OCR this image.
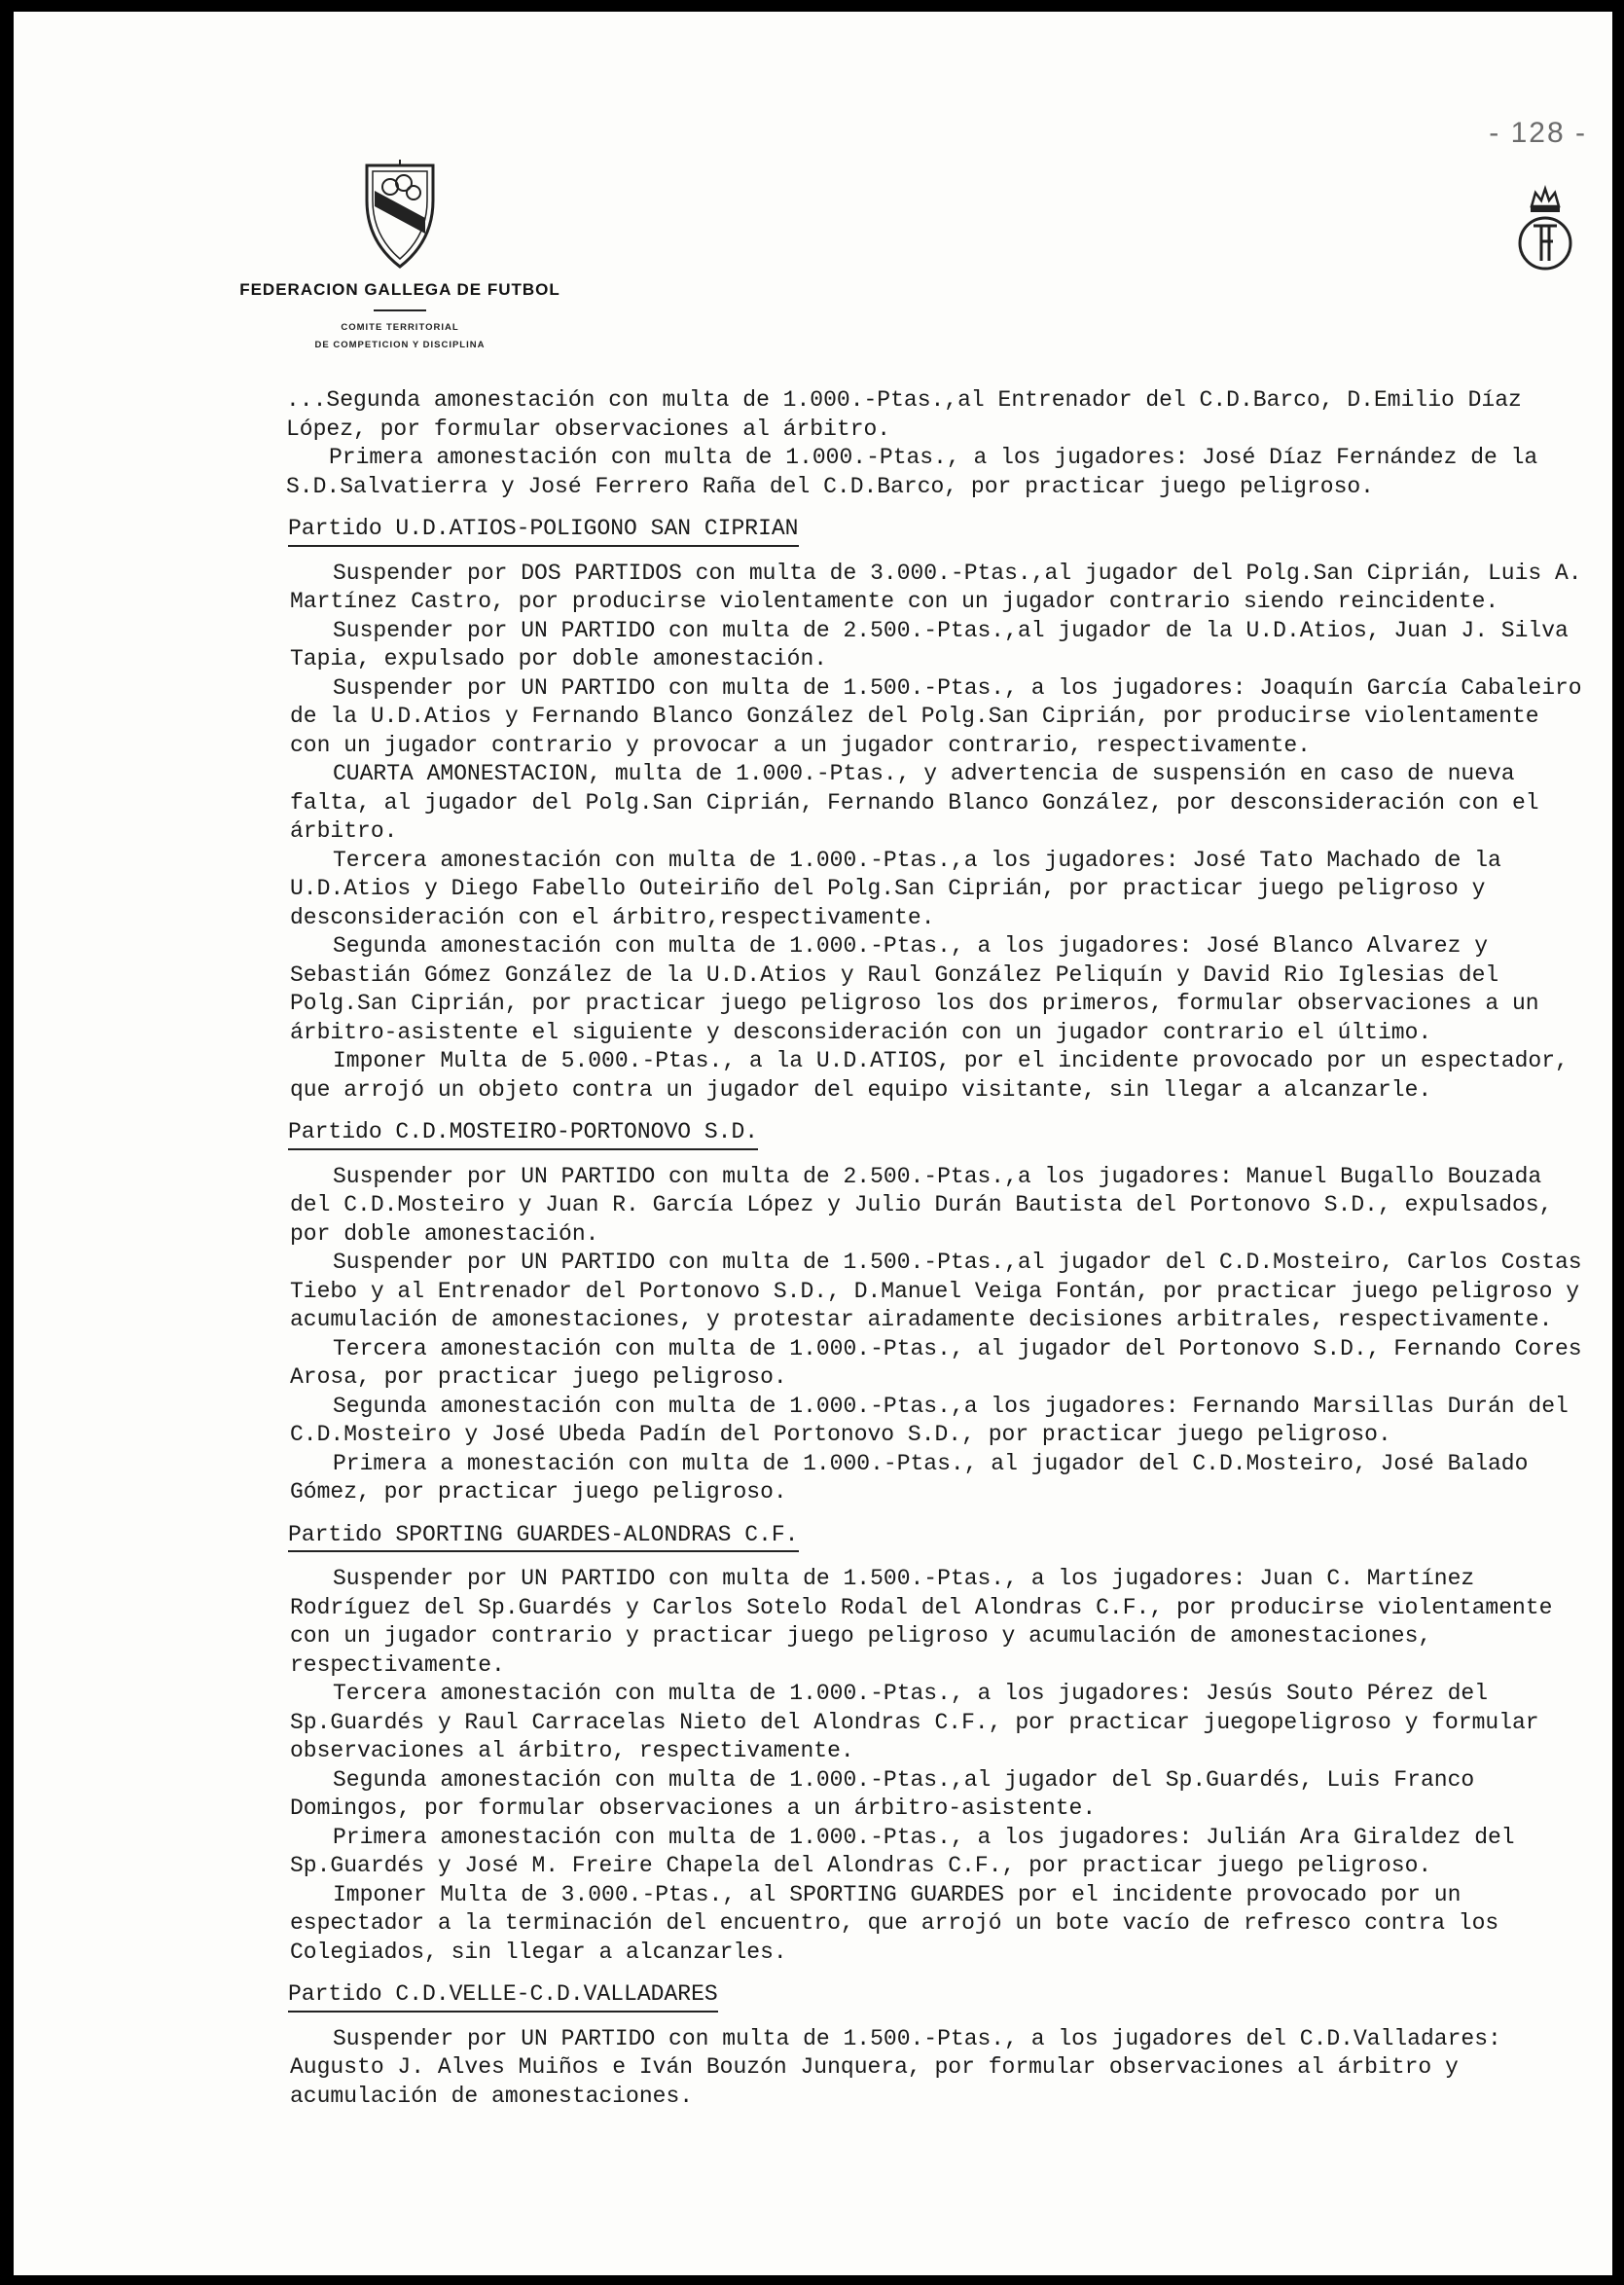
- 128 -

FEDERACION GALLEGA DE FUTBOL

COMITE TERRITORIAL

DE COMPETICION Y DISCIPLINA

...Segunda amonestación con multa de 1.000.-Ptas.,al Entrenador del C.D.Barco, D.Emilio Díaz López, por formular observaciones al árbitro.

Primera amonestación con multa de 1.000.-Ptas., a los jugadores: José Díaz Fernández de la S.D.Salvatierra y José Ferrero Raña del C.D.Barco, por practicar juego peligroso.

Partido U.D.ATIOS-POLIGONO SAN CIPRIAN

Suspender por DOS PARTIDOS con multa de 3.000.-Ptas.,al jugador del Polg.San Ciprián, Luis A. Martínez Castro, por producirse violentamente con un jugador contrario siendo reincidente.

Suspender por UN PARTIDO con multa de 2.500.-Ptas.,al jugador de la U.D.Atios, Juan J. Silva Tapia, expulsado por doble amonestación.

Suspender por UN PARTIDO con multa de 1.500.-Ptas., a los jugadores: Joaquín García Cabaleiro de la U.D.Atios y Fernando Blanco González del Polg.San Ciprián, por producirse violentamente con un jugador contrario y provocar a un jugador contrario, respectivamente.

CUARTA AMONESTACION, multa de 1.000.-Ptas., y advertencia de suspensión en caso de nueva falta, al jugador del Polg.San Ciprián, Fernando Blanco González, por desconsideración con el árbitro.

Tercera amonestación con multa de 1.000.-Ptas.,a los jugadores: José Tato Machado de la U.D.Atios y Diego Fabello Outeiriño del Polg.San Ciprián, por practicar juego peligroso y desconsideración con el árbitro,respectivamente.

Segunda amonestación con multa de 1.000.-Ptas., a los jugadores: José Blanco Alvarez y Sebastián Gómez González de la U.D.Atios y Raul González Peliquín y David Rio Iglesias del Polg.San Ciprián, por practicar juego peligroso los dos primeros, formular observaciones a un árbitro-asistente el siguiente y desconsideración con un jugador contrario el último.

Imponer Multa de 5.000.-Ptas., a la U.D.ATIOS, por el incidente provocado por un espectador, que arrojó un objeto contra un jugador del equipo visitante, sin llegar a alcanzarle.

Partido C.D.MOSTEIRO-PORTONOVO S.D.

Suspender por UN PARTIDO con multa de 2.500.-Ptas.,a los jugadores: Manuel Bugallo Bouzada del C.D.Mosteiro y Juan R. García López y Julio Durán Bautista del Portonovo S.D., expulsados, por doble amonestación.

Suspender por UN PARTIDO con multa de 1.500.-Ptas.,al jugador del C.D.Mosteiro, Carlos Costas Tiebo y al Entrenador del Portonovo S.D., D.Manuel Veiga Fontán, por practicar juego peligroso y acumulación de amonestaciones, y protestar airadamente decisiones arbitrales, respectivamente.

Tercera amonestación con multa de 1.000.-Ptas., al jugador del Portonovo S.D., Fernando Cores Arosa, por practicar juego peligroso.

Segunda amonestación con multa de 1.000.-Ptas.,a los jugadores: Fernando Marsillas Durán del C.D.Mosteiro y José Ubeda Padín del Portonovo S.D., por practicar juego peligroso.

Primera a monestación con multa de 1.000.-Ptas., al jugador del C.D.Mosteiro, José Balado Gómez, por practicar juego peligroso.

Partido SPORTING GUARDES-ALONDRAS C.F.

Suspender por UN PARTIDO con multa de 1.500.-Ptas., a los jugadores: Juan C. Martínez Rodríguez del Sp.Guardés y Carlos Sotelo Rodal del Alondras C.F., por producirse violentamente con un jugador contrario y practicar juego peligroso y acumulación de amonestaciones, respectivamente.

Tercera amonestación con multa de 1.000.-Ptas., a los jugadores: Jesús Souto Pérez del Sp.Guardés y Raul Carracelas Nieto del Alondras C.F., por practicar juegopeligroso y formular observaciones al árbitro, respectivamente.

Segunda amonestación con multa de 1.000.-Ptas.,al jugador del Sp.Guardés, Luis Franco Domingos, por formular observaciones a un árbitro-asistente.

Primera amonestación con multa de 1.000.-Ptas., a los jugadores: Julián Ara Giraldez del Sp.Guardés y José M. Freire Chapela del Alondras C.F., por practicar juego peligroso.

Imponer Multa de 3.000.-Ptas., al SPORTING GUARDES por el incidente provocado por un espectador a la terminación del encuentro, que arrojó un bote vacío de refresco contra los Colegiados, sin llegar a alcanzarles.

Partido C.D.VELLE-C.D.VALLADARES

Suspender por UN PARTIDO con multa de 1.500.-Ptas., a los jugadores del C.D.Valladares: Augusto J. Alves Muiños e Iván Bouzón Junquera, por formular observaciones al árbitro y acumulación de amonestaciones.
